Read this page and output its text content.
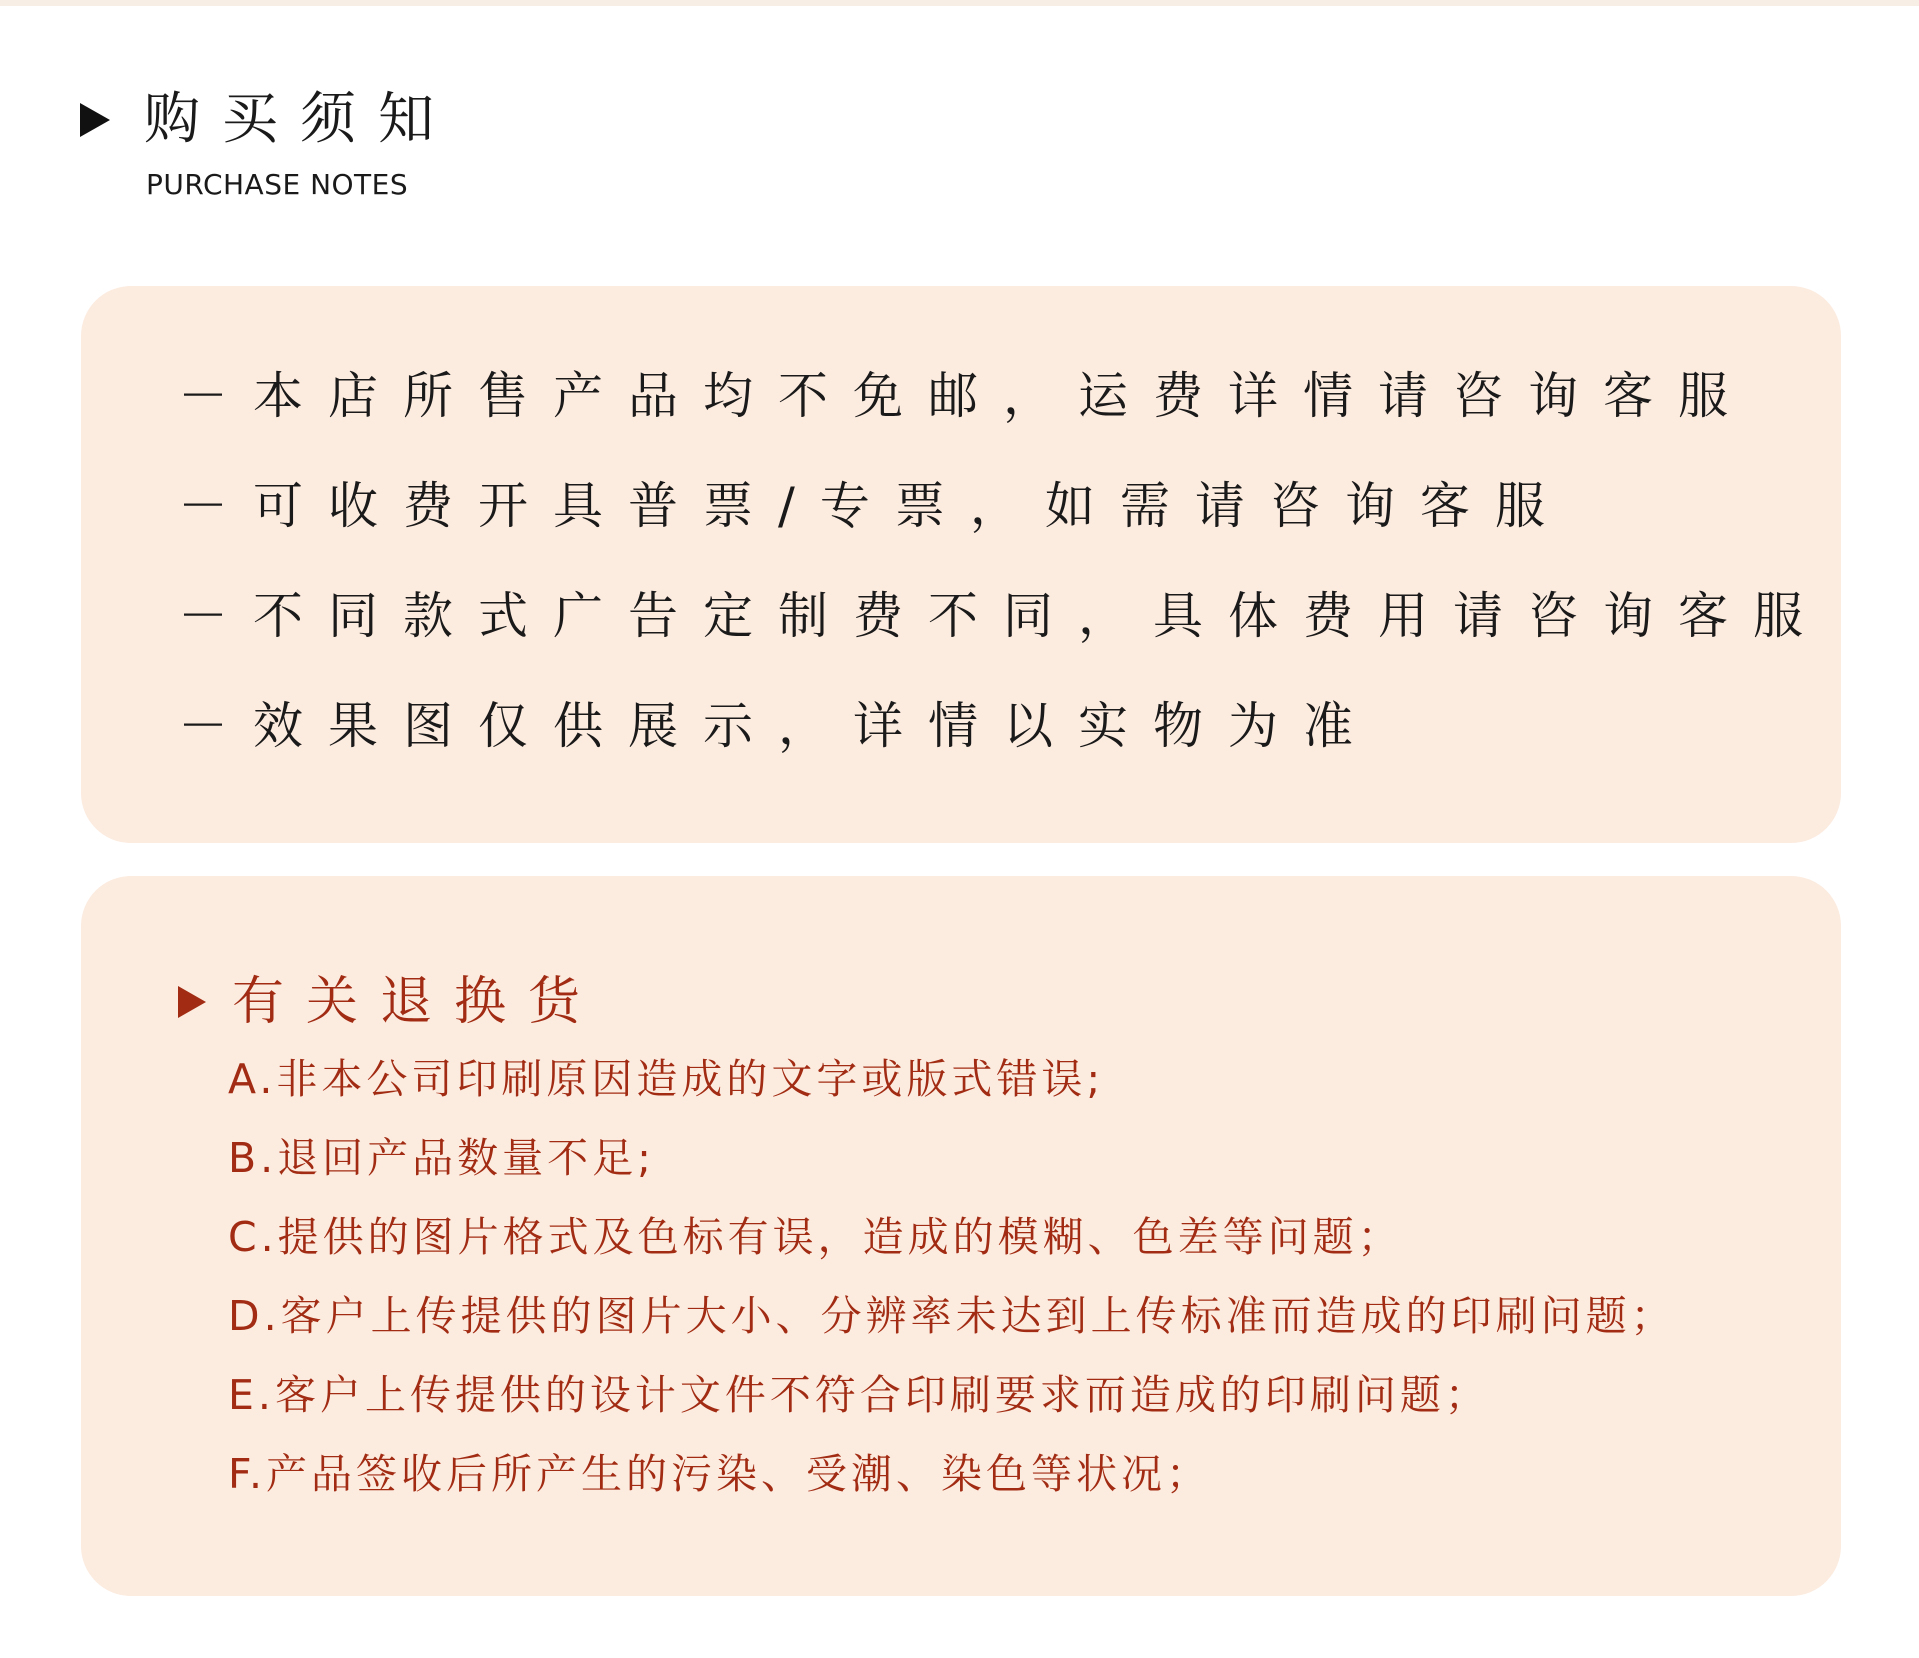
购买须知
PURCHASE NOTES
－本店所售产品均不免邮，运费详情请咨询客服
－可收费开具普票/专票，如需请咨询客服
－不同款式广告定制费不同，具体费用请咨询客服
－效果图仅供展示，详情以实物为准
有关退换货
A.非本公司印刷原因造成的文字或版式错误;
B.退回产品数量不足;
C.提供的图片格式及色标有误，造成的模糊、色差等问题；
D.客户上传提供的图片大小、分辨率未达到上传标准而造成的印刷问题；
E.客户上传提供的设计文件不符合印刷要求而造成的印刷问题；
F.产品签收后所产生的污染、受潮、染色等状况；
